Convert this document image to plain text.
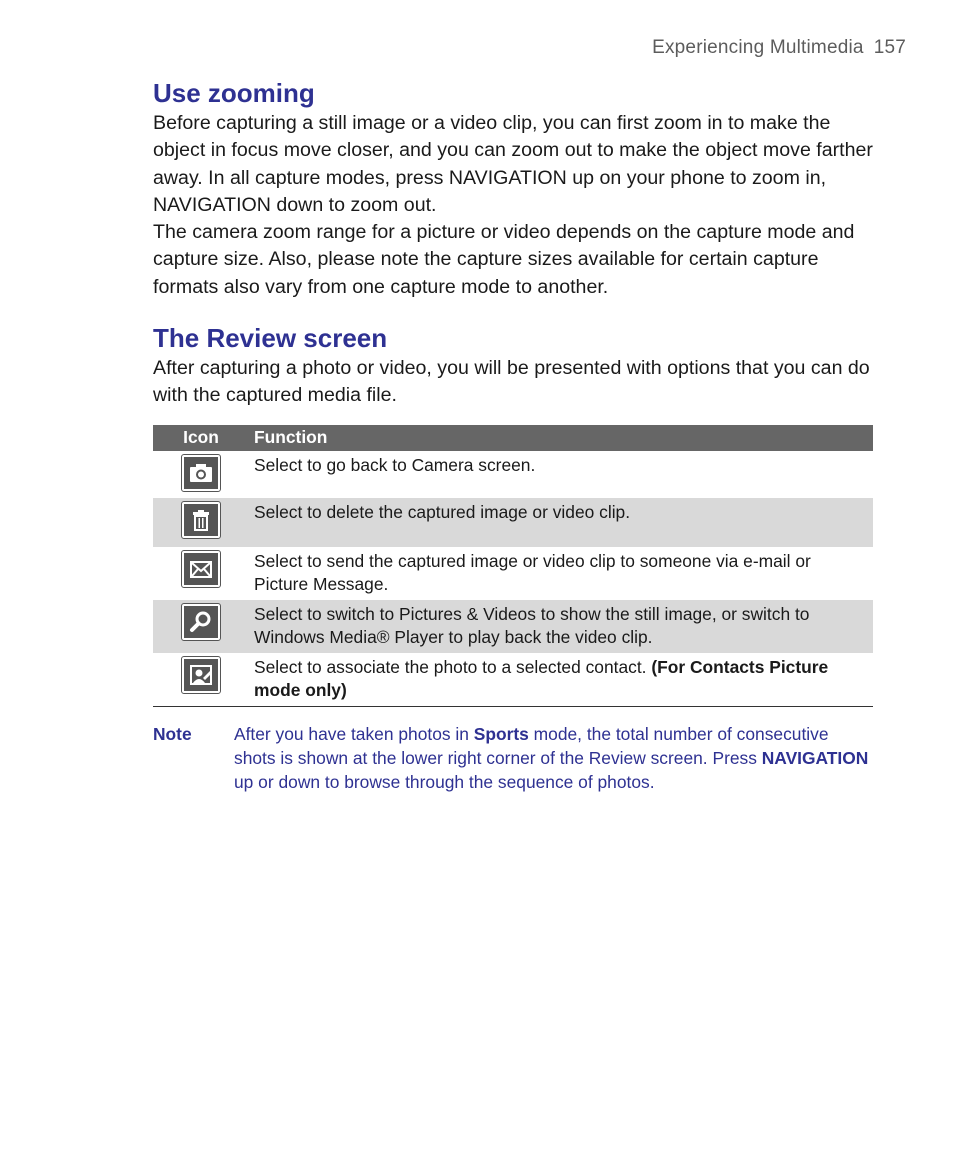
Experiencing Multimedia 157
Use zooming

Before capturing a still image or a video clip, you can first zoom in to make the object in focus move closer, and you can zoom out to make the object move farther away. In all capture modes, press NAVIGATION up on your phone to zoom in, NAVIGATION down to zoom out.

The camera zoom range for a picture or video depends on the capture mode and capture size. Also, please note the capture sizes available for certain capture formats also vary from one capture mode to another.

The Review screen

After capturing a photo or video, you will be presented with options that you can do with the captured media file.

Icon	Function

	Select to go back to Camera screen.

	Select to delete the captured image or video clip.

	Select to send the captured image or video clip to someone via e-mail or Picture Message.

	Select to switch to Pictures & Videos to show the still image, or switch to Windows Media® Player to play back the video clip.

	Select to associate the photo to a selected contact. (For Contacts Picture mode only)
Note After you have taken photos in Sports mode, the total number of consecutive shots is shown at the lower right corner of the Review screen. Press NAVIGATION up or down to browse through the sequence of photos.
